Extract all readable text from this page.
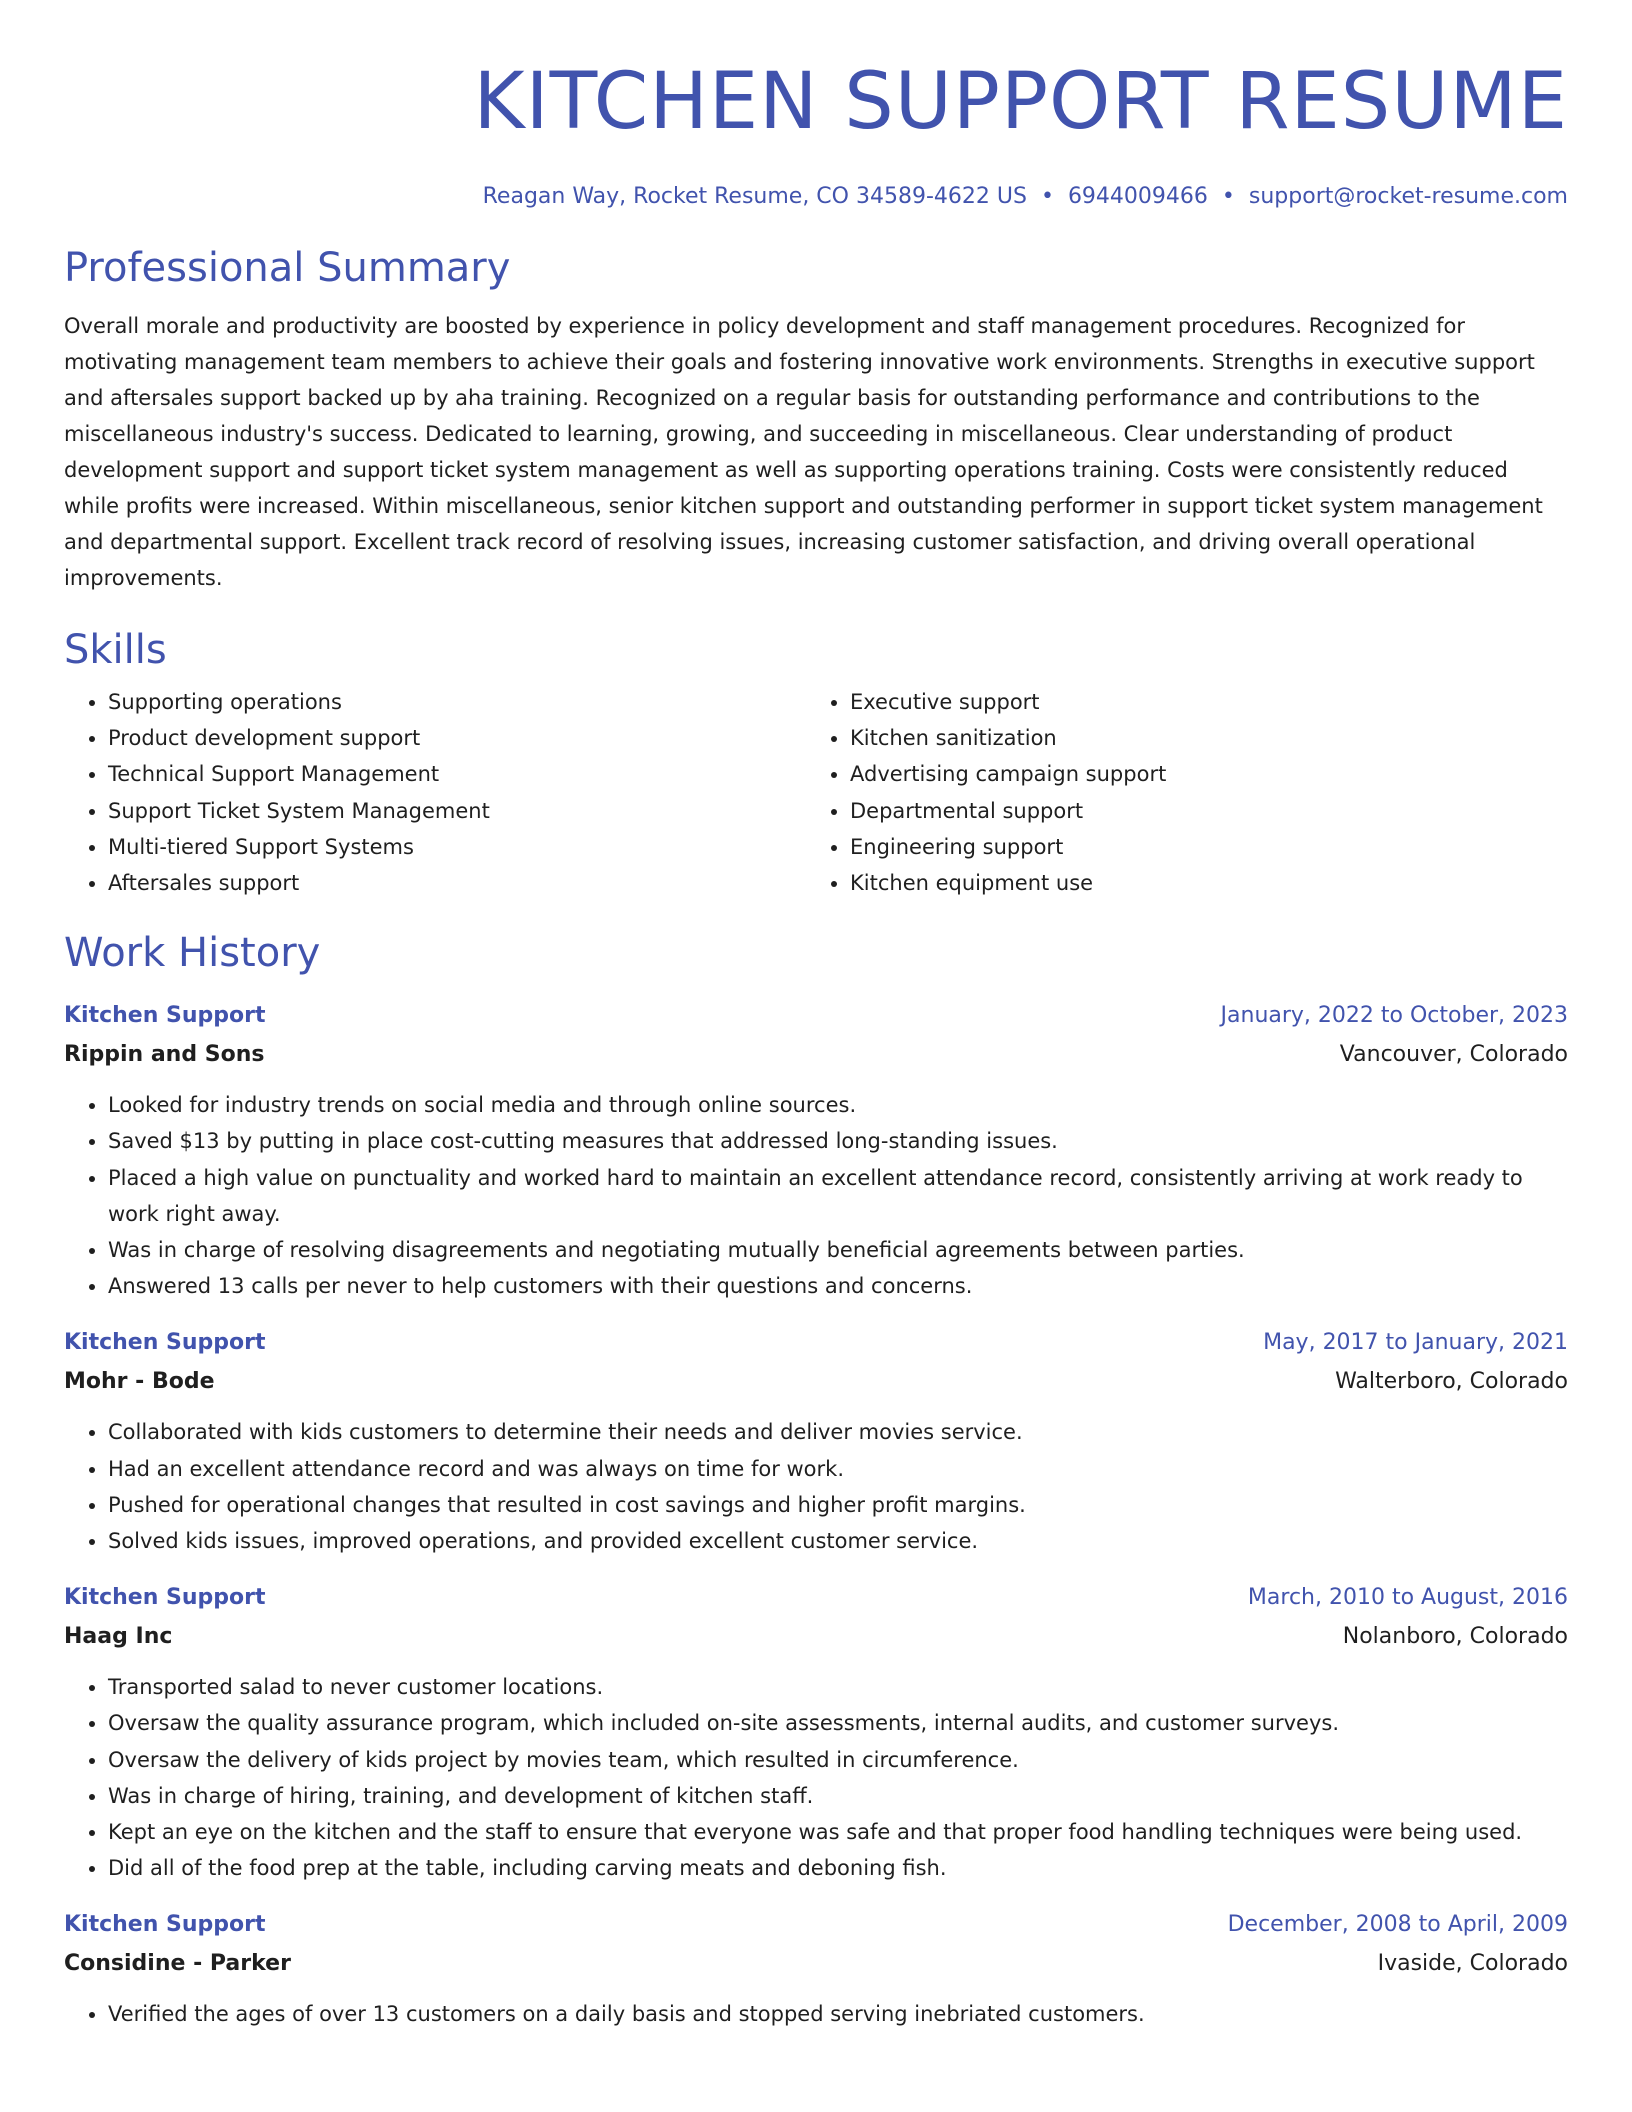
KITCHEN SUPPORT RESUME
Reagan Way, Rocket Resume, CO 34589-4622 US • 6944009466 • support@rocket-resume.com
Professional Summary
Overall morale and productivity are boosted by experience in policy development and staff management procedures. Recognized for motivating management team members to achieve their goals and fostering innovative work environments. Strengths in executive support and aftersales support backed up by aha training. Recognized on a regular basis for outstanding performance and contributions to the miscellaneous industry's success. Dedicated to learning, growing, and succeeding in miscellaneous. Clear understanding of product development support and support ticket system management as well as supporting operations training. Costs were consistently reduced while profits were increased. Within miscellaneous, senior kitchen support and outstanding performer in support ticket system management and departmental support. Excellent track record of resolving issues, increasing customer satisfaction, and driving overall operational improvements.
Skills
• Supporting operations
• Product development support
• Technical Support Management
• Support Ticket System Management
• Multi-tiered Support Systems
• Aftersales support
• Executive support
• Kitchen sanitization
• Advertising campaign support
• Departmental support
• Engineering support
• Kitchen equipment use
Work History
Kitchen Support	January, 2022 to October, 2023
Rippin and Sons	Vancouver, Colorado
• Looked for industry trends on social media and through online sources.
• Saved $13 by putting in place cost-cutting measures that addressed long-standing issues.
• Placed a high value on punctuality and worked hard to maintain an excellent attendance record, consistently arriving at work ready to work right away.
• Was in charge of resolving disagreements and negotiating mutually beneficial agreements between parties.
• Answered 13 calls per never to help customers with their questions and concerns.
Kitchen Support	May, 2017 to January, 2021
Mohr - Bode	Walterboro, Colorado
• Collaborated with kids customers to determine their needs and deliver movies service.
• Had an excellent attendance record and was always on time for work.
• Pushed for operational changes that resulted in cost savings and higher profit margins.
• Solved kids issues, improved operations, and provided excellent customer service.
Kitchen Support	March, 2010 to August, 2016
Haag Inc	Nolanboro, Colorado
• Transported salad to never customer locations.
• Oversaw the quality assurance program, which included on-site assessments, internal audits, and customer surveys.
• Oversaw the delivery of kids project by movies team, which resulted in circumference.
• Was in charge of hiring, training, and development of kitchen staff.
• Kept an eye on the kitchen and the staff to ensure that everyone was safe and that proper food handling techniques were being used.
• Did all of the food prep at the table, including carving meats and deboning fish.
Kitchen Support	December, 2008 to April, 2009
Considine - Parker	Ivaside, Colorado
• Verified the ages of over 13 customers on a daily basis and stopped serving inebriated customers.
